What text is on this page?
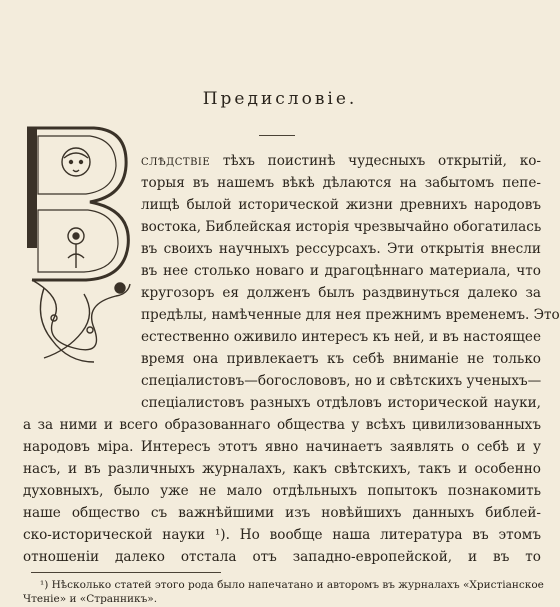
Предисловіе.
слѣдствіе тѣхъ поистинѣ чудесныхъ открытій, ко-
торыя въ нашемъ вѣкѣ дѣлаются на забытомъ пепе-
лищѣ былой исторической жизни древнихъ народовъ
востока, Библейская исторія чрезвычайно обогатилась
въ своихъ научныхъ рессурсахъ. Эти открытія внесли
въ нее столько новаго и драгоцѣннаго материала, что
кругозоръ ея долженъ былъ раздвинуться далеко за
предѣлы, намѣченные для нея прежнимъ временемъ. Это
естественно оживило интересъ къ ней, и въ настоящее
время она привлекаетъ къ себѣ вниманіе не только
спеціалистовъ—богослововъ, но и свѣтскихъ ученыхъ—
спеціалистовъ разныхъ отдѣловъ исторической науки,
а за ними и всего образованнаго общества у всѣхъ цивилизованныхъ
народовъ міра. Интересъ этотъ явно начинаетъ заявлять о себѣ и у
насъ, и въ различныхъ журналахъ, какъ свѣтскихъ, такъ и особенно
духовныхъ, было уже не мало отдѣльныхъ попытокъ познакомить
наше общество съ важнѣйшими изъ новѣйшихъ данныхъ библей-
ско-исторической науки ¹). Но вообще наша литература въ этомъ
отношеніи далеко отстала отъ западно-европейской, и въ то
¹) Нѣсколько статей этого рода было напечатано и авторомъ въ журналахъ «Христіанское
Чтеніе» и «Странникъ».
